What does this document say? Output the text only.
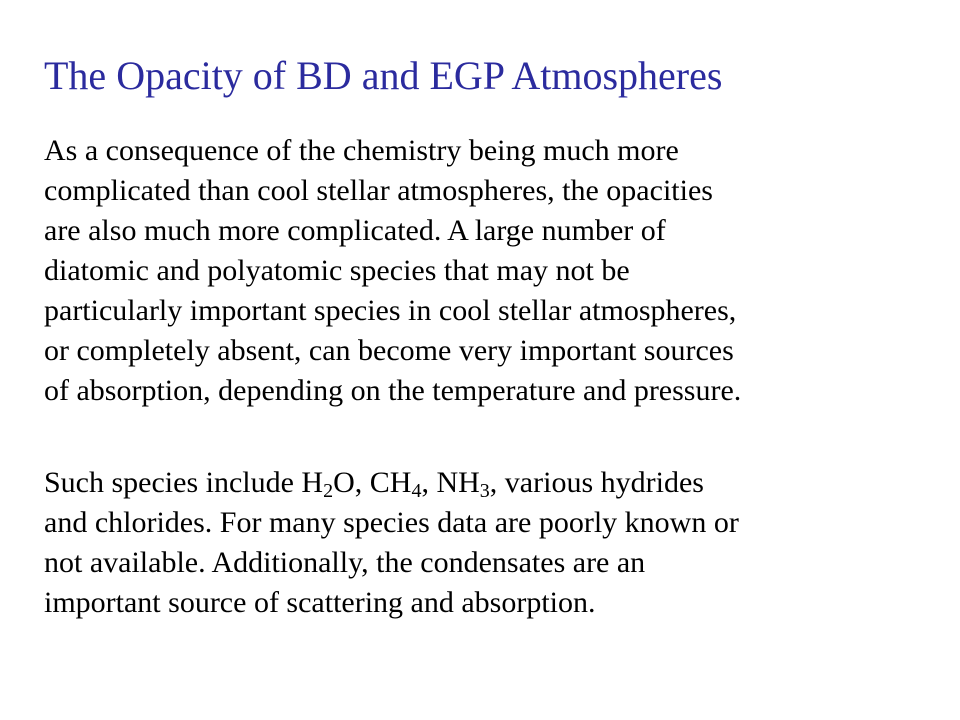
The Opacity of BD and EGP Atmospheres

As a consequence of the chemistry being much more
complicated than cool stellar atmospheres, the opacities
are also much more complicated. A large number of
diatomic and polyatomic species that may not be
particularly important species in cool stellar atmospheres,
or completely absent, can become very important sources
of absorption, depending on the temperature and pressure.

Such species include $H_2O$, $CH_4$, $NH_3$, various hydrides
and chlorides. For many species data are poorly known or
not available. Additionally, the condensates are an
important source of scattering and absorption.
